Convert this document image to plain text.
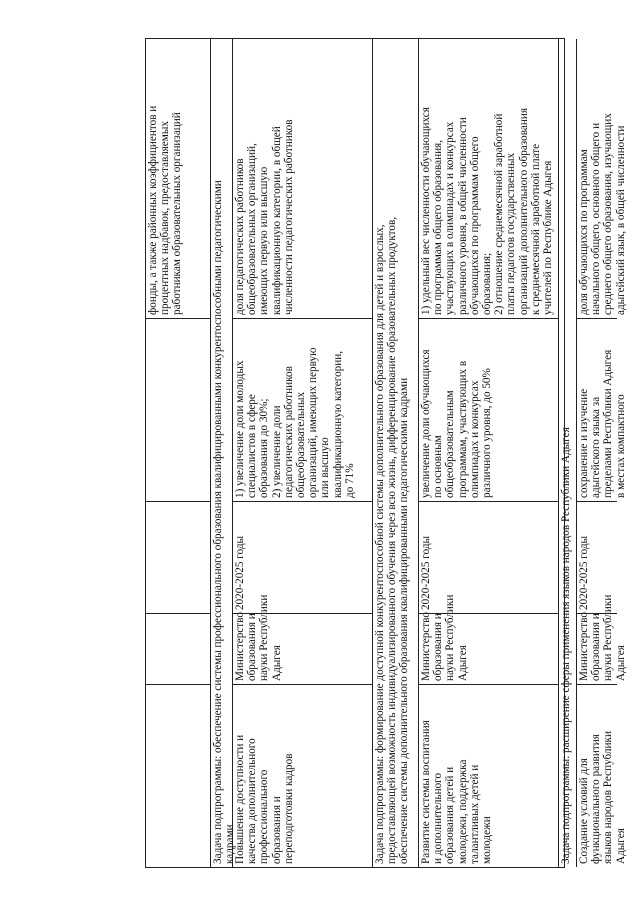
фонды, а также районных коэффициентов и процентных надбавок, предоставляемых работникам образовательных организаций	Задача подпрограммы: обеспечение системы профессионального образования квалифицированными конкурентоспособными педагогическими кадрами
Повышение доступности и качества дополнительного профессионального образования и переподготовки кадров
Министерство образования и науки Республики Адыгея
2020-2025 годы
1) увеличение доли молодых специалистов в сфере образования до 30%; 2) увеличение доли педагогических работников общеобразовательных организаций, имеющих первую или высшую квалификационную категории, до 71%
доля педагогических работников общеобразовательных организаций, имеющих первую или высшую квалификационную категории, в общей численности педагогических работников
Задача подпрограммы: формирование доступной конкурентоспособной системы дополнительного образования для детей и взрослых, предоставляющей возможность индивидуализированного обучения через всю жизнь, дифференцирование образовательных продуктов, обеспечение системы дополнительного образования квалифицированными педагогическими кадрами Развитие системы воспитания и дополнительного образования детей и молодежи, поддержка талантливых детей и молодежи
Министерство образования и науки Республики Адыгея
2020-2025 годы
увеличение доли обучающихся по основным общеобразовательным программам, участвующих в олимпиадах и конкурсах различного уровня, до 50%
1) удельный вес численности обучающихся по программам общего образования, участвующих в олимпиадах и конкурсах различного уровня, в общей численности обучающихся по программам общего образования; 2) отношение среднемесячной заработной платы педагогов государственных организаций дополнительного образования к среднемесячной заработной плате учителей по Республике Адыгея
Задача подпрограммы: расширение сферы применения языков народов Республики Адыгея Создание условий для функционального развития языков народов Республики Адыгея
Министерство образования и науки Республики Адыгея
2020-2025 годы
сохранение и изучение адыгейского языка за пределами Республики Адыгея в местах компактного
доля обучающихся по программам начального общего, основного общего и среднего общего образования, изучающих адыгейский язык, в общей численности
